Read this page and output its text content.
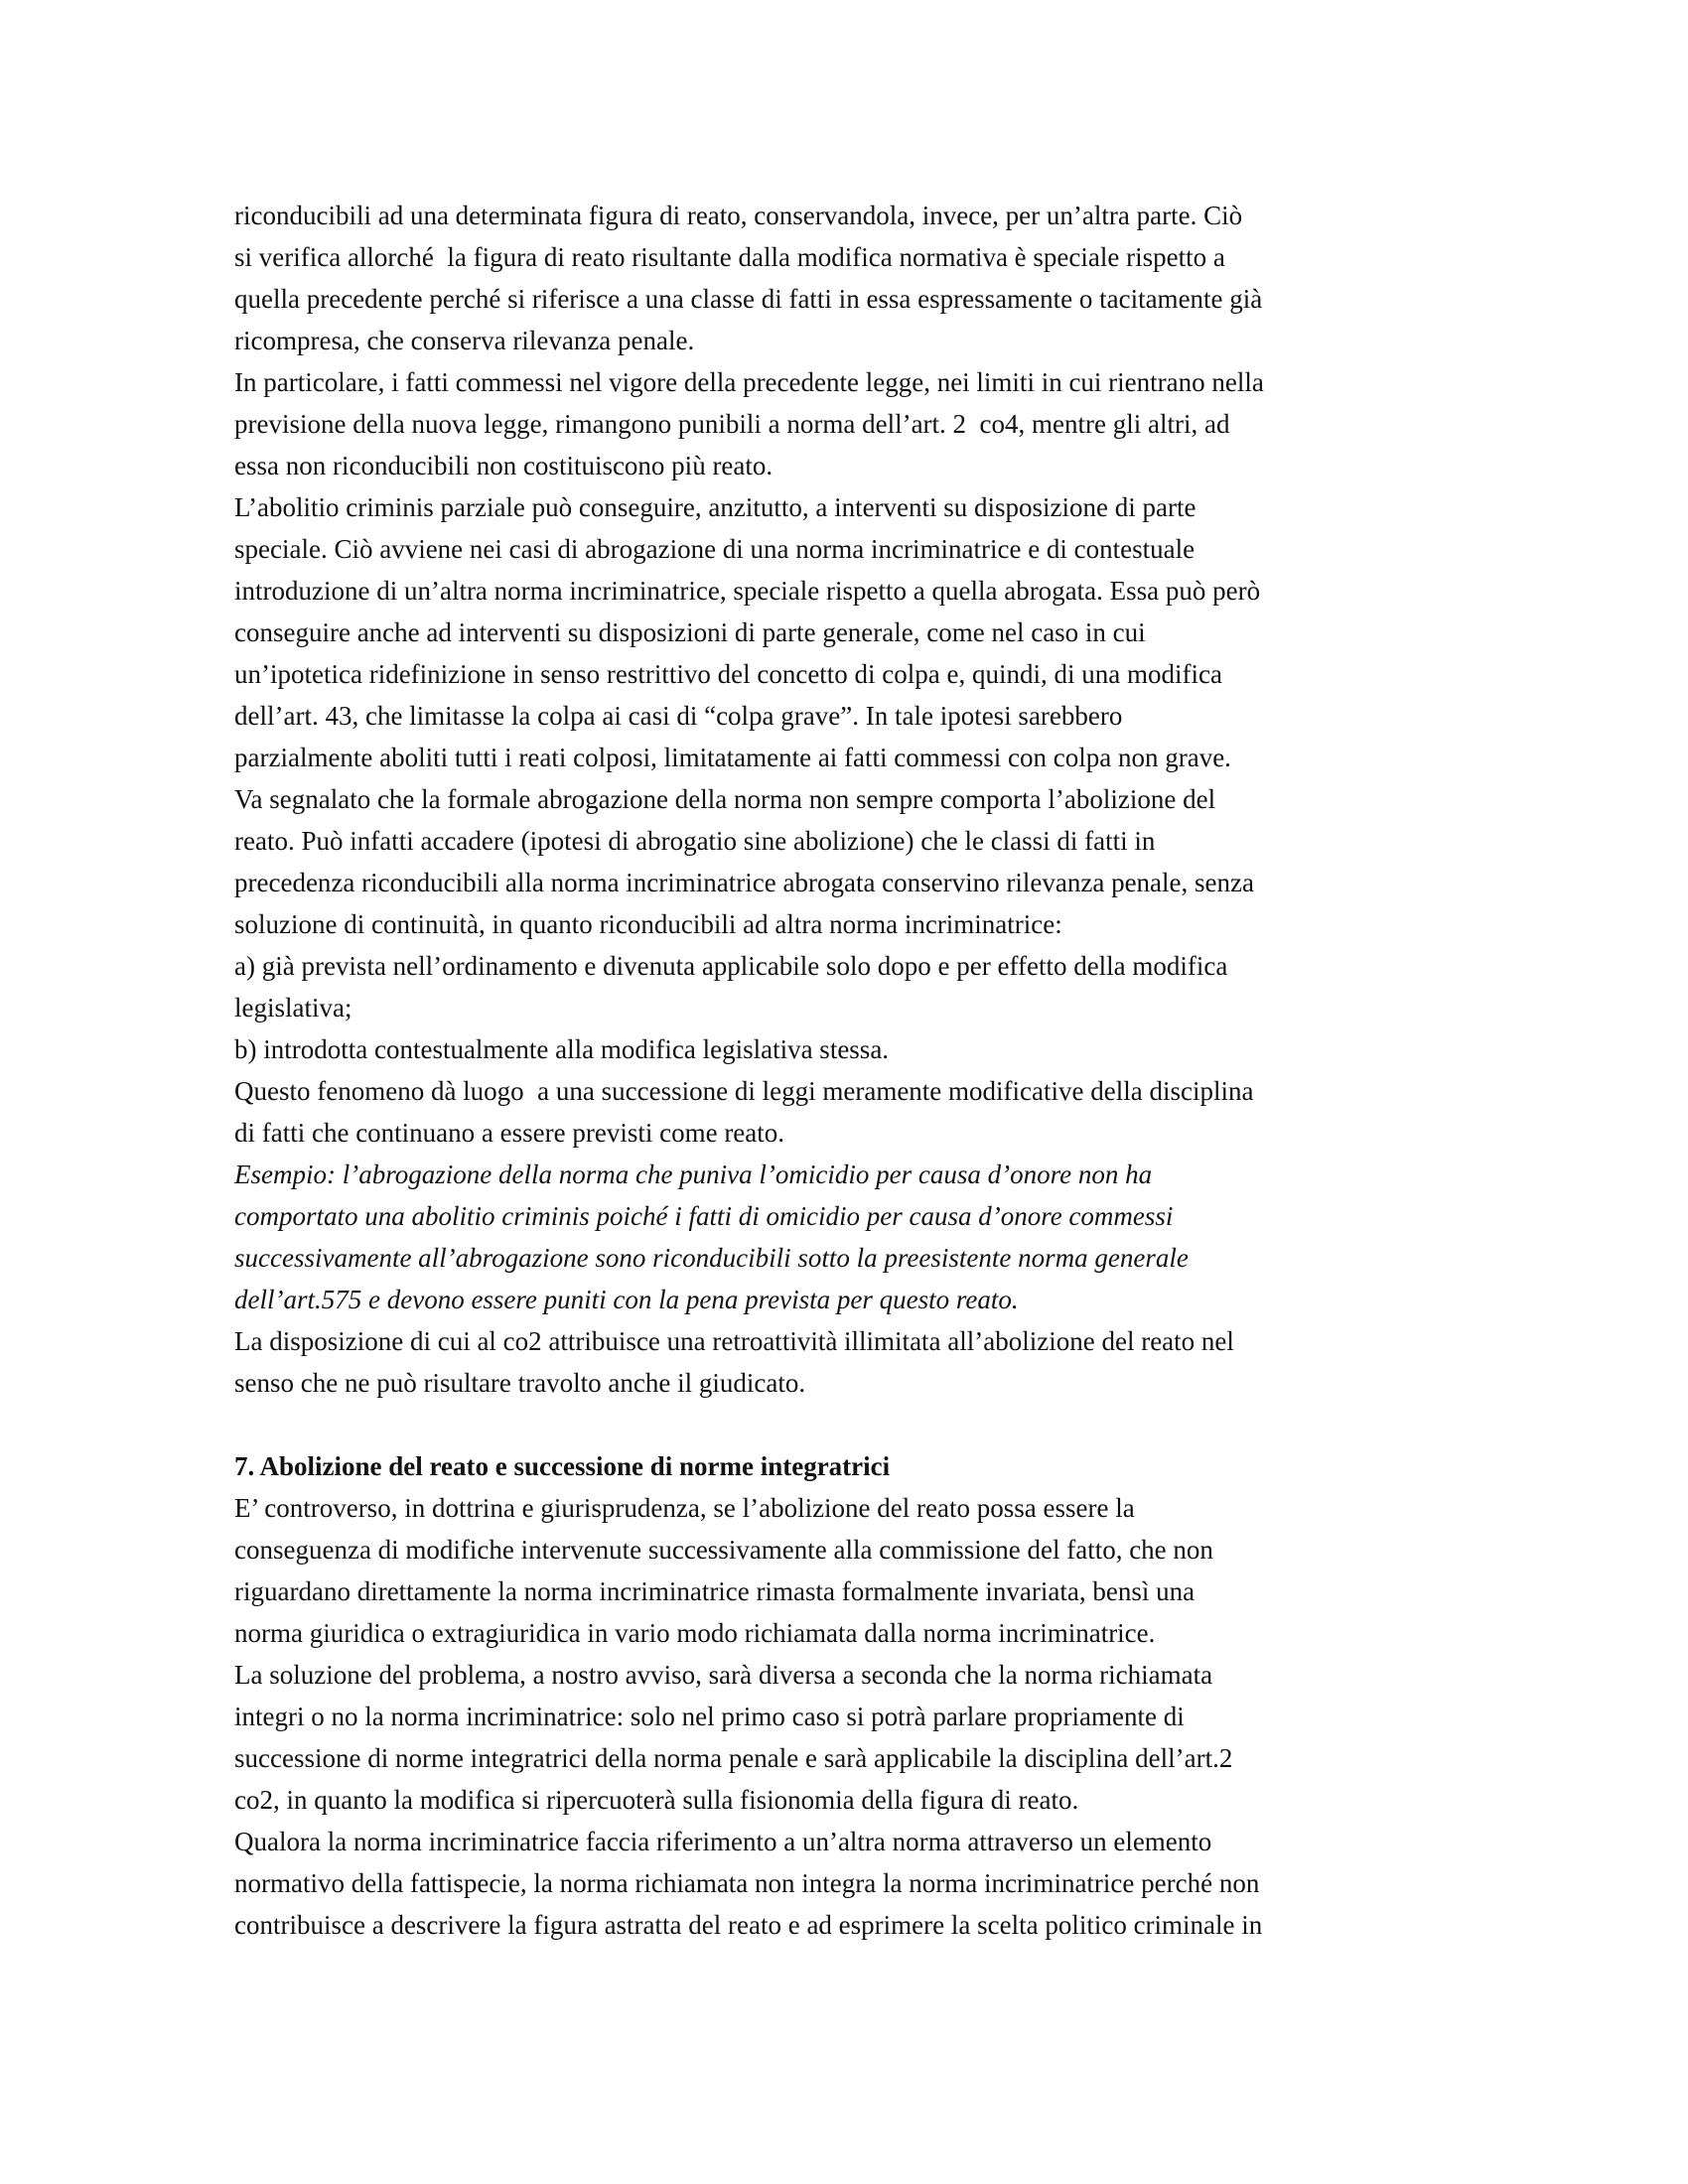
riconducibili ad una determinata figura di reato, conservandola, invece, per un’altra parte. Ciò
si verifica allorché  la figura di reato risultante dalla modifica normativa è speciale rispetto a
quella precedente perché si riferisce a una classe di fatti in essa espressamente o tacitamente già
ricompresa, che conserva rilevanza penale.
In particolare, i fatti commessi nel vigore della precedente legge, nei limiti in cui rientrano nella
previsione della nuova legge, rimangono punibili a norma dell’art. 2  co4, mentre gli altri, ad
essa non riconducibili non costituiscono più reato.
L’abolitio criminis parziale può conseguire, anzitutto, a interventi su disposizione di parte
speciale. Ciò avviene nei casi di abrogazione di una norma incriminatrice e di contestuale
introduzione di un’altra norma incriminatrice, speciale rispetto a quella abrogata. Essa può però
conseguire anche ad interventi su disposizioni di parte generale, come nel caso in cui
un’ipotetica ridefinizione in senso restrittivo del concetto di colpa e, quindi, di una modifica
dell’art. 43, che limitasse la colpa ai casi di “colpa grave”. In tale ipotesi sarebbero
parzialmente aboliti tutti i reati colposi, limitatamente ai fatti commessi con colpa non grave.
Va segnalato che la formale abrogazione della norma non sempre comporta l’abolizione del
reato. Può infatti accadere (ipotesi di abrogatio sine abolizione) che le classi di fatti in
precedenza riconducibili alla norma incriminatrice abrogata conservino rilevanza penale, senza
soluzione di continuità, in quanto riconducibili ad altra norma incriminatrice:
a) già prevista nell’ordinamento e divenuta applicabile solo dopo e per effetto della modifica
legislativa;
b) introdotta contestualmente alla modifica legislativa stessa.
Questo fenomeno dà luogo  a una successione di leggi meramente modificative della disciplina
di fatti che continuano a essere previsti come reato.
Esempio: l’abrogazione della norma che puniva l’omicidio per causa d’onore non ha
comportato una abolitio criminis poiché i fatti di omicidio per causa d’onore commessi
successivamente all’abrogazione sono riconducibili sotto la preesistente norma generale
dell’art.575 e devono essere puniti con la pena prevista per questo reato.
La disposizione di cui al co2 attribuisce una retroattività illimitata all’abolizione del reato nel
senso che ne può risultare travolto anche il giudicato.
7. Abolizione del reato e successione di norme integratrici
E’ controverso, in dottrina e giurisprudenza, se l’abolizione del reato possa essere la
conseguenza di modifiche intervenute successivamente alla commissione del fatto, che non
riguardano direttamente la norma incriminatrice rimasta formalmente invariata, bensì una
norma giuridica o extragiuridica in vario modo richiamata dalla norma incriminatrice.
La soluzione del problema, a nostro avviso, sarà diversa a seconda che la norma richiamata
integri o no la norma incriminatrice: solo nel primo caso si potrà parlare propriamente di
successione di norme integratrici della norma penale e sarà applicabile la disciplina dell’art.2
co2, in quanto la modifica si ripercuoterà sulla fisionomia della figura di reato.
Qualora la norma incriminatrice faccia riferimento a un’altra norma attraverso un elemento
normativo della fattispecie, la norma richiamata non integra la norma incriminatrice perché non
contribuisce a descrivere la figura astratta del reato e ad esprimere la scelta politico criminale in
